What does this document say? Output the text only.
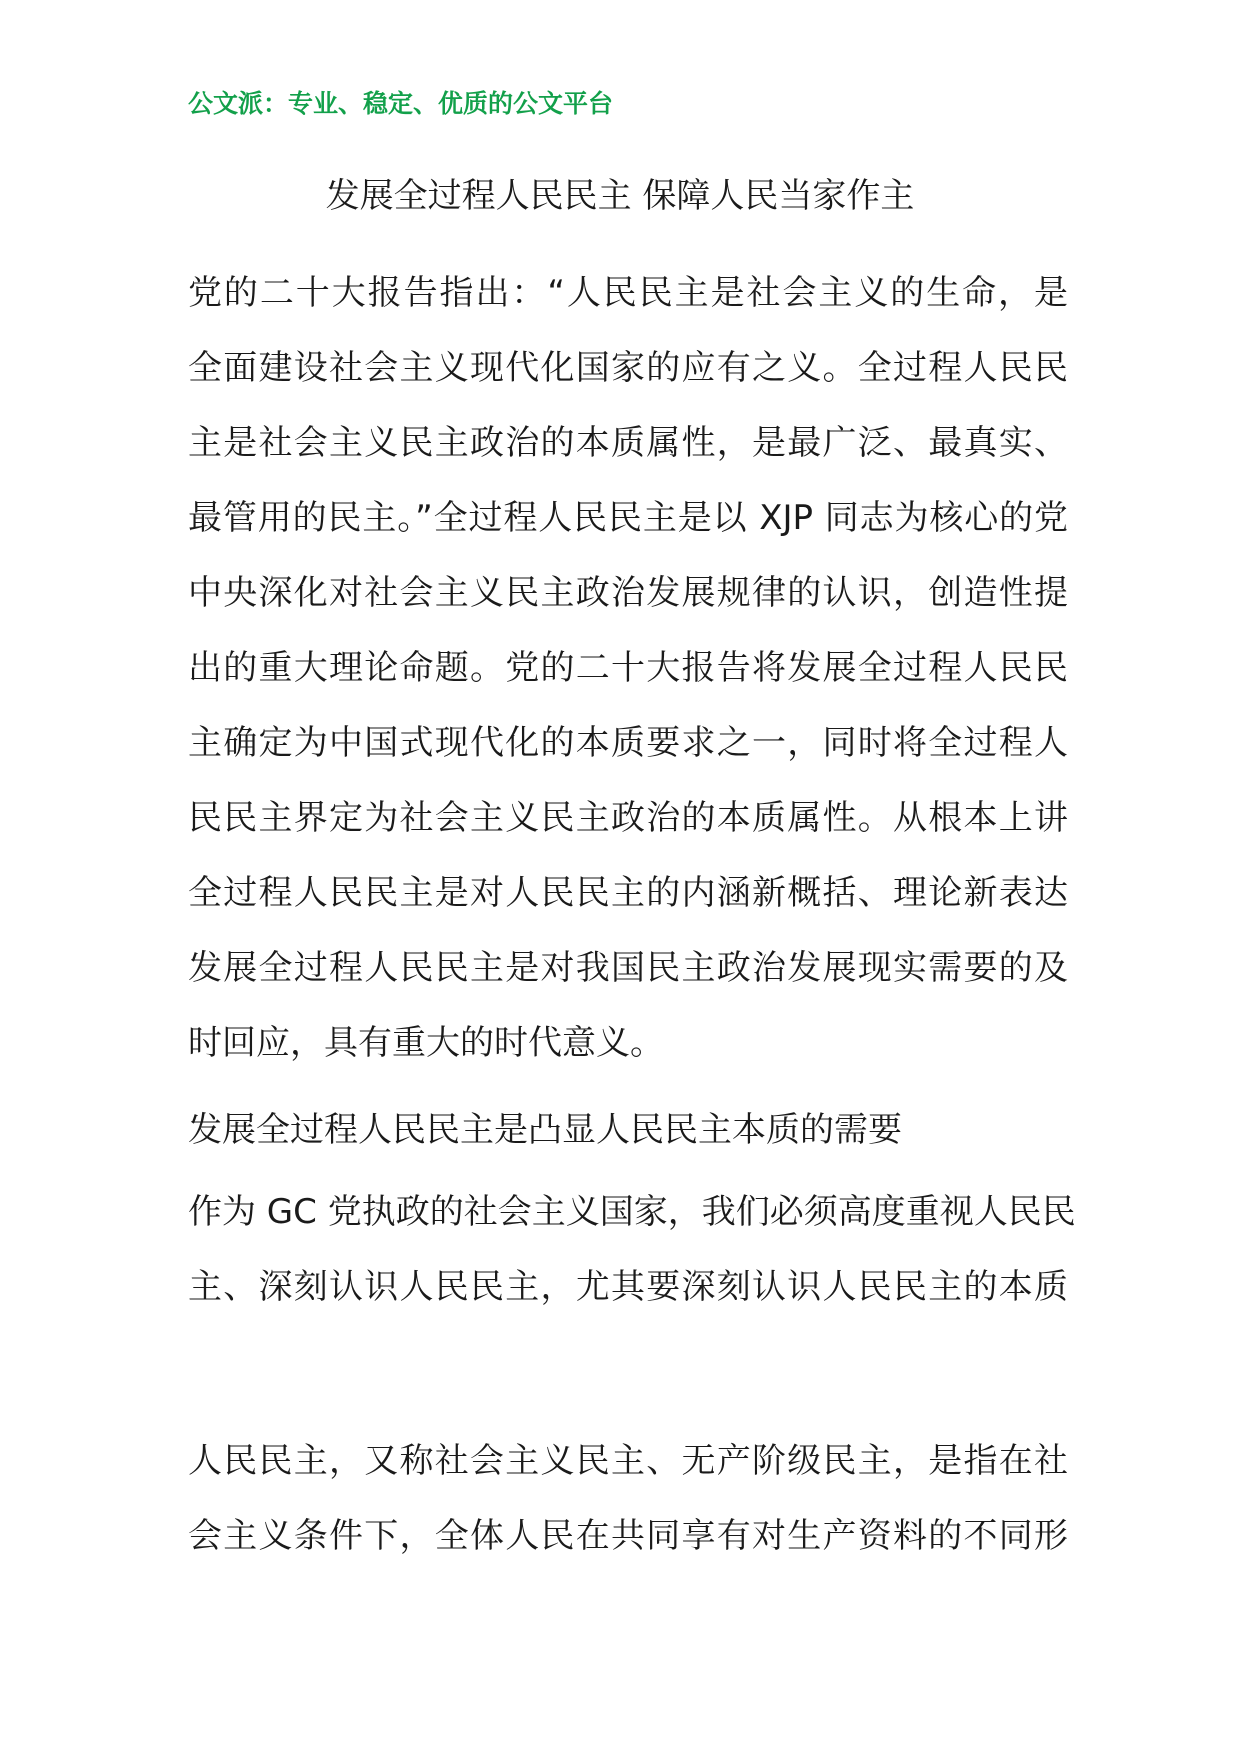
公文派：专业、稳定、优质的公文平台
发展全过程人民民主 保障人民当家作主
党的二十大报告指出：“人民民主是社会主义的生命，是
全面建设社会主义现代化国家的应有之义。全过程人民民
主是社会主义民主政治的本质属性，是最广泛、最真实、
最管用的民主。”全过程人民民主是以 XJP 同志为核心的党
中央深化对社会主义民主政治发展规律的认识，创造性提
出的重大理论命题。党的二十大报告将发展全过程人民民
主确定为中国式现代化的本质要求之一，同时将全过程人
民民主界定为社会主义民主政治的本质属性。从根本上讲
全过程人民民主是对人民民主的内涵新概括、理论新表达
发展全过程人民民主是对我国民主政治发展现实需要的及
时回应，具有重大的时代意义。
发展全过程人民民主是凸显人民民主本质的需要
作为 GC 党执政的社会主义国家，我们必须高度重视人民民
主、深刻认识人民民主，尤其要深刻认识人民民主的本质
人民民主，又称社会主义民主、无产阶级民主，是指在社
会主义条件下，全体人民在共同享有对生产资料的不同形
